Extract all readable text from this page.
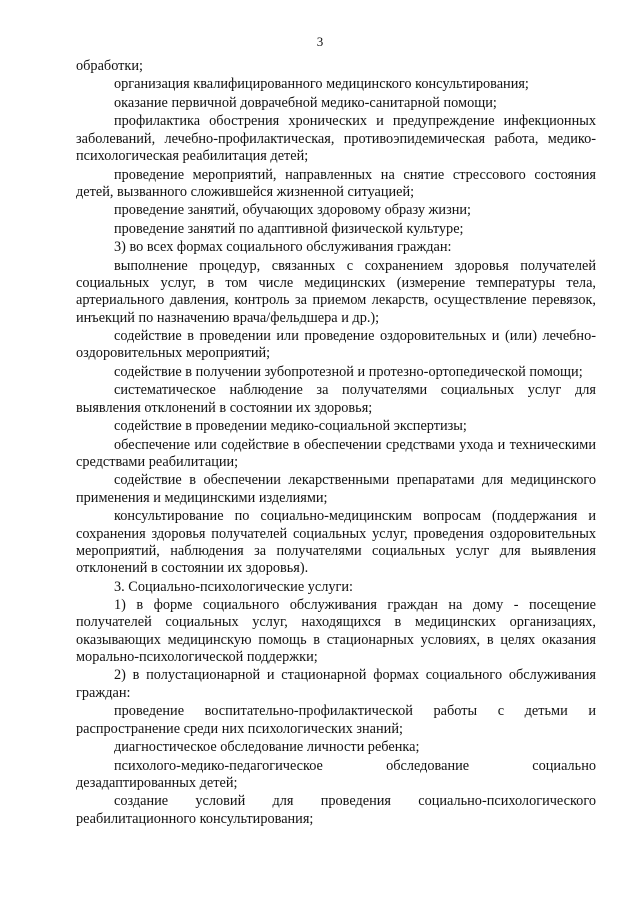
3

обработки;

организация квалифицированного медицинского консультирования;

оказание первичной доврачебной медико-санитарной помощи;

профилактика обострения хронических и предупреждение инфекционных заболеваний, лечебно-профилактическая, противоэпидемическая работа, медико-психологическая реабилитация детей;

проведение мероприятий, направленных на снятие стрессового состояния детей, вызванного сложившейся жизненной ситуацией;

проведение занятий, обучающих здоровому образу жизни;

проведение занятий по адаптивной физической культуре;

3) во всех формах социального обслуживания граждан:

выполнение процедур, связанных с сохранением здоровья получателей социальных услуг, в том числе медицинских (измерение температуры тела, артериального давления, контроль за приемом лекарств, осуществление перевязок, инъекций по назначению врача/фельдшера и др.);

содействие в проведении или проведение оздоровительных и (или) лечебно-оздоровительных мероприятий;

содействие в получении зубопротезной и протезно-ортопедической помощи;

систематическое наблюдение за получателями социальных услуг для выявления отклонений в состоянии их здоровья;

содействие в проведении медико-социальной экспертизы;

обеспечение или содействие в обеспечении средствами ухода и техническими средствами реабилитации;

содействие в обеспечении лекарственными препаратами для медицинского применения и медицинскими изделиями;

консультирование по социально-медицинским вопросам (поддержания и сохранения здоровья получателей социальных услуг, проведения оздоровительных мероприятий, наблюдения за получателями социальных услуг для выявления отклонений в состоянии их здоровья).

3. Социально-психологические услуги:

1) в форме социального обслуживания граждан на дому - посещение получателей социальных услуг, находящихся в медицинских организациях, оказывающих медицинскую помощь в стационарных условиях, в целях оказания морально-психологической поддержки;

2) в полустационарной и стационарной формах социального обслуживания граждан:

проведение воспитательно-профилактической работы с детьми и распространение среди них психологических знаний;

диагностическое обследование личности ребенка;

психолого-медико-педагогическое обследование социально дезадаптированных детей;

создание условий для проведения социально-психологического реабилитационного консультирования;
